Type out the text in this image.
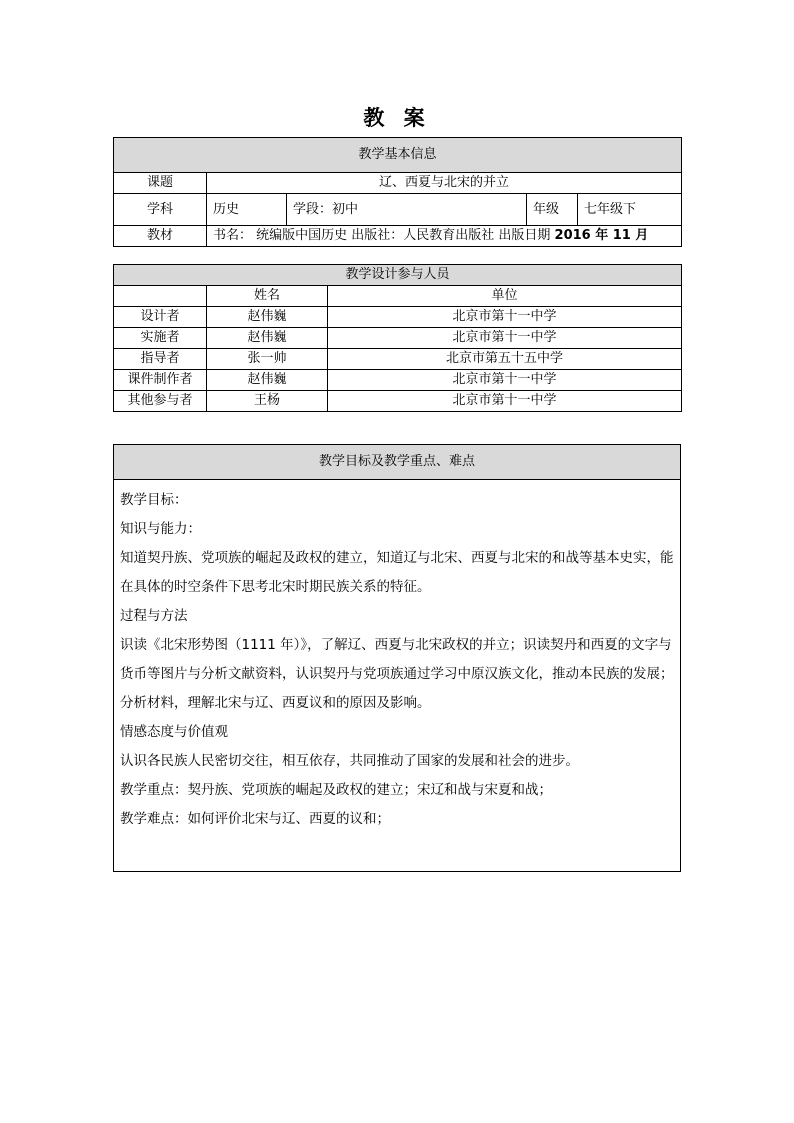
教 案
教学基本信息				
课题	辽、西夏与北宋的并立			
学科	历史	学段：初中	年级	七年级下
教材	书名： 统编版中国历史 出版社：人民教育出版社 出版日期 2016 年 11 月			
教学设计参与人员		
	姓名	单位
设计者	赵伟巍	北京市第十一中学
实施者	赵伟巍	北京市第十一中学
指导者	张一帅	北京市第五十五中学
课件制作者	赵伟巍	北京市第十一中学
其他参与者	王杨	北京市第十一中学
教学目标及教学重点、难点

教学目标：

知识与能力：

知道契丹族、党项族的崛起及政权的建立，知道辽与北宋、西夏与北宋的和战等基本史实，能在具体的时空条件下思考北宋时期民族关系的特征。

过程与方法

识读《北宋形势图（1111 年）》，了解辽、西夏与北宋政权的并立；识读契丹和西夏的文字与货币等图片与分析文献资料，认识契丹与党项族通过学习中原汉族文化，推动本民族的发展；分析材料，理解北宋与辽、西夏议和的原因及影响。

情感态度与价值观

认识各民族人民密切交往，相互依存，共同推动了国家的发展和社会的进步。

教学重点：契丹族、党项族的崛起及政权的建立；宋辽和战与宋夏和战；

教学难点：如何评价北宋与辽、西夏的议和；
